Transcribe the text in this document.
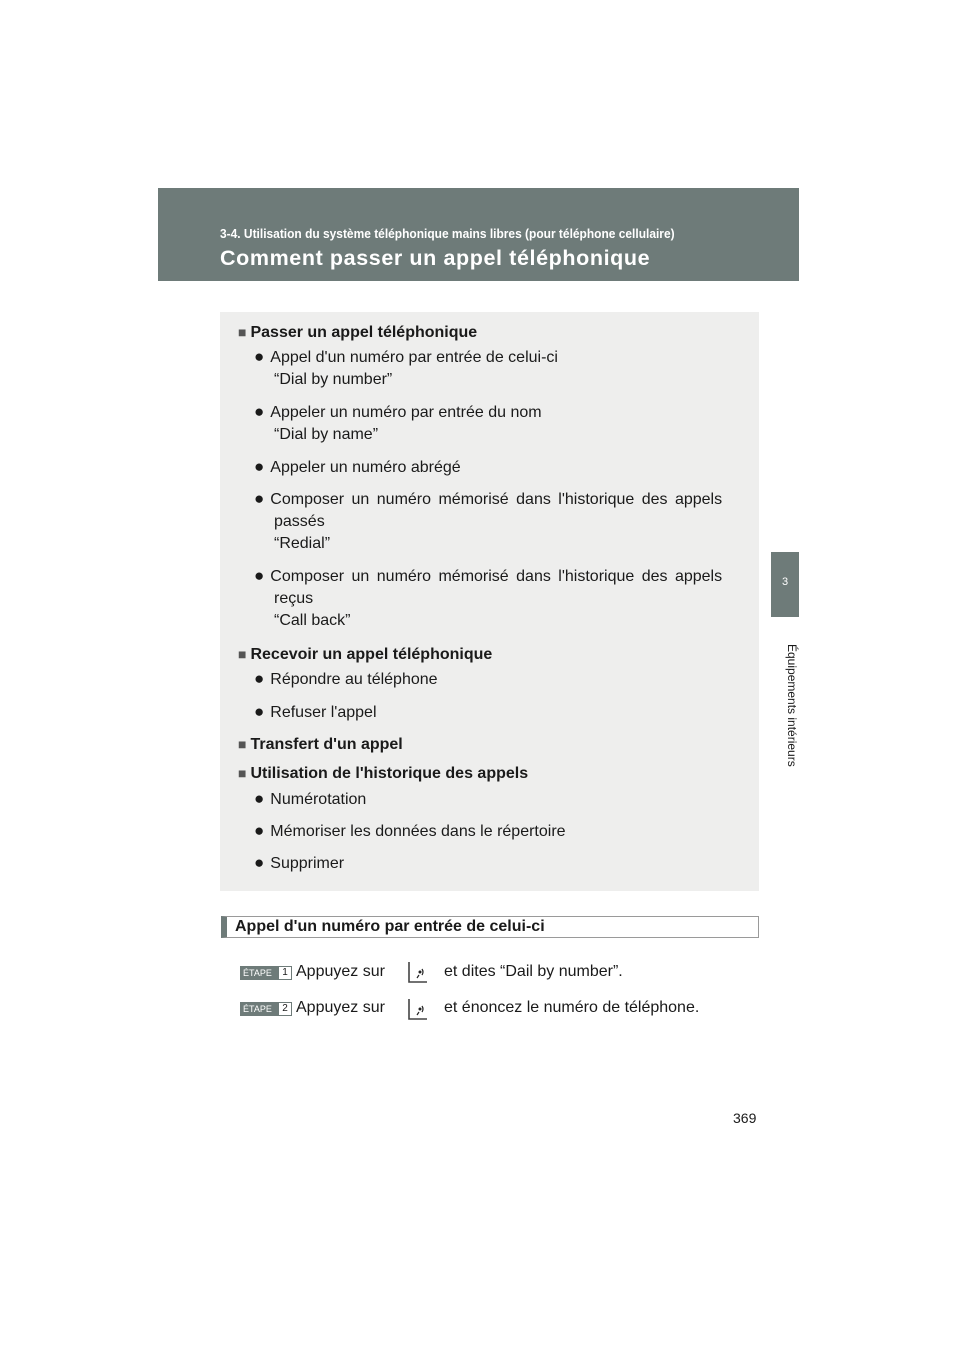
3-4. Utilisation du système téléphonique mains libres (pour téléphone cellulaire)
Comment passer un appel téléphonique
3
Équipements intérieurs
■ Passer un appel téléphonique
● Appel d'un numéro par entrée de celui-ci
“Dial by number”
● Appeler un numéro par entrée du nom
“Dial by name”
● Appeler un numéro abrégé
● Composer un numéro mémorisé dans l'historique des appels
passés
“Redial”
● Composer un numéro mémorisé dans l'historique des appels
reçus
“Call back”
■ Recevoir un appel téléphonique
● Répondre au téléphone
● Refuser l'appel
■ Transfert d'un appel
■ Utilisation de l'historique des appels
● Numérotation
● Mémoriser les données dans le répertoire
● Supprimer
Appel d'un numéro par entrée de celui-ci
ÉTAPE	1 Appuyez sur	et dites “Dail by number”.
ÉTAPE	2 Appuyez sur	et énoncez le numéro de téléphone.
369
